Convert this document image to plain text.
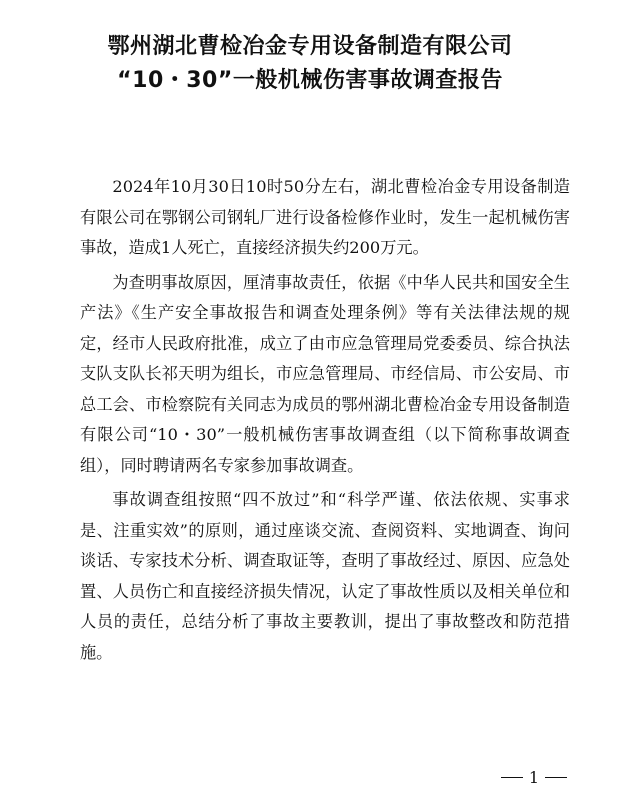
鄂州湖北曹检冶金专用设备制造有限公司
“10・30”一般机械伤害事故调查报告

2024年10月30日10时50分左右，湖北曹检冶金专用设备制造有限公司在鄂钢公司钢轧厂进行设备检修作业时，发生一起机械伤害事故，造成1人死亡，直接经济损失约200万元。

为查明事故原因，厘清事故责任，依据《中华人民共和国安全生产法》《生产安全事故报告和调查处理条例》等有关法律法规的规定，经市人民政府批准，成立了由市应急管理局党委委员、综合执法支队支队长祁天明为组长，市应急管理局、市经信局、市公安局、市总工会、市检察院有关同志为成员的鄂州湖北曹检冶金专用设备制造有限公司“10・30”一般机械伤害事故调查组（以下简称事故调查组），同时聘请两名专家参加事故调查。

事故调查组按照“四不放过”和“科学严谨、依法依规、实事求是、注重实效”的原则，通过座谈交流、查阅资料、实地调查、询问谈话、专家技术分析、调查取证等，查明了事故经过、原因、应急处置、人员伤亡和直接经济损失情况，认定了事故性质以及相关单位和人员的责任，总结分析了事故主要教训，提出了事故整改和防范措施。

1
